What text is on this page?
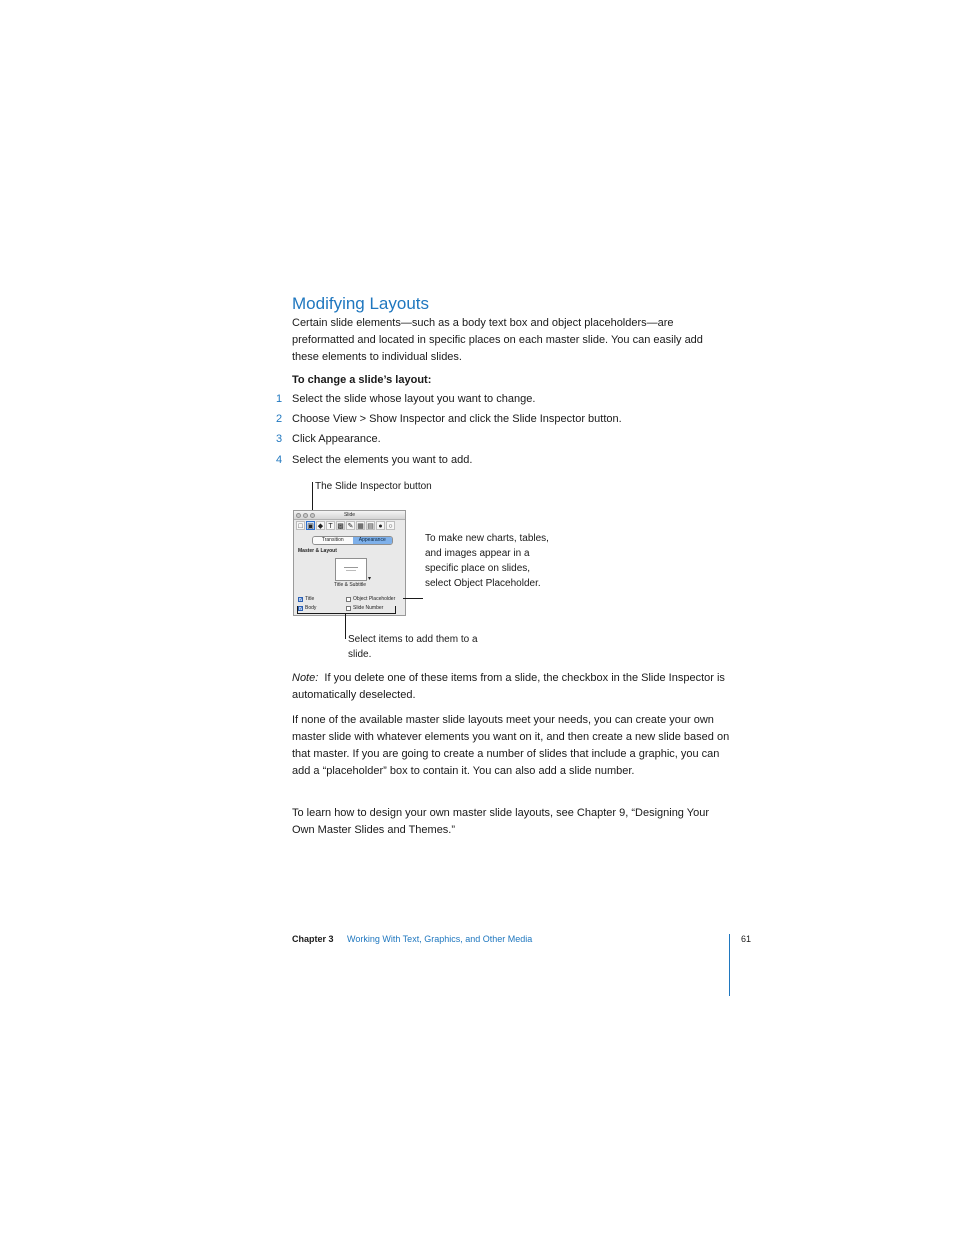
Modifying Layouts

Certain slide elements—such as a body text box and object placeholders—are preformatted and located in specific places on each master slide. You can easily add these elements to individual slides.

To change a slide’s layout:
1 Select the slide whose layout you want to change.
2 Choose View > Show Inspector and click the Slide Inspector button.
3 Click Appearance.
4 Select the elements you want to add.
The Slide Inspector button
Slide
□ ▣ ◆ T ▩ ✎ ▦ ▤ ● ○
Transition	Appearance
Master & Layout
▾
Title & Subtitle
✓ Title
✓ Body
Object Placeholder
Slide Number
Select items to add them to a slide.
To make new charts, tables, and images appear in a specific place on slides, select Object Placeholder.

Note: If you delete one of these items from a slide, the checkbox in the Slide Inspector is automatically deselected.

If none of the available master slide layouts meet your needs, you can create your own master slide with whatever elements you want on it, and then create a new slide based on that master. If you are going to create a number of slides that include a graphic, you can add a “placeholder” box to contain it. You can also add a slide number.

To learn how to design your own master slide layouts, see Chapter 9, “Designing Your Own Master Slides and Themes.”

Chapter 3 Working With Text, Graphics, and Other Media	61
